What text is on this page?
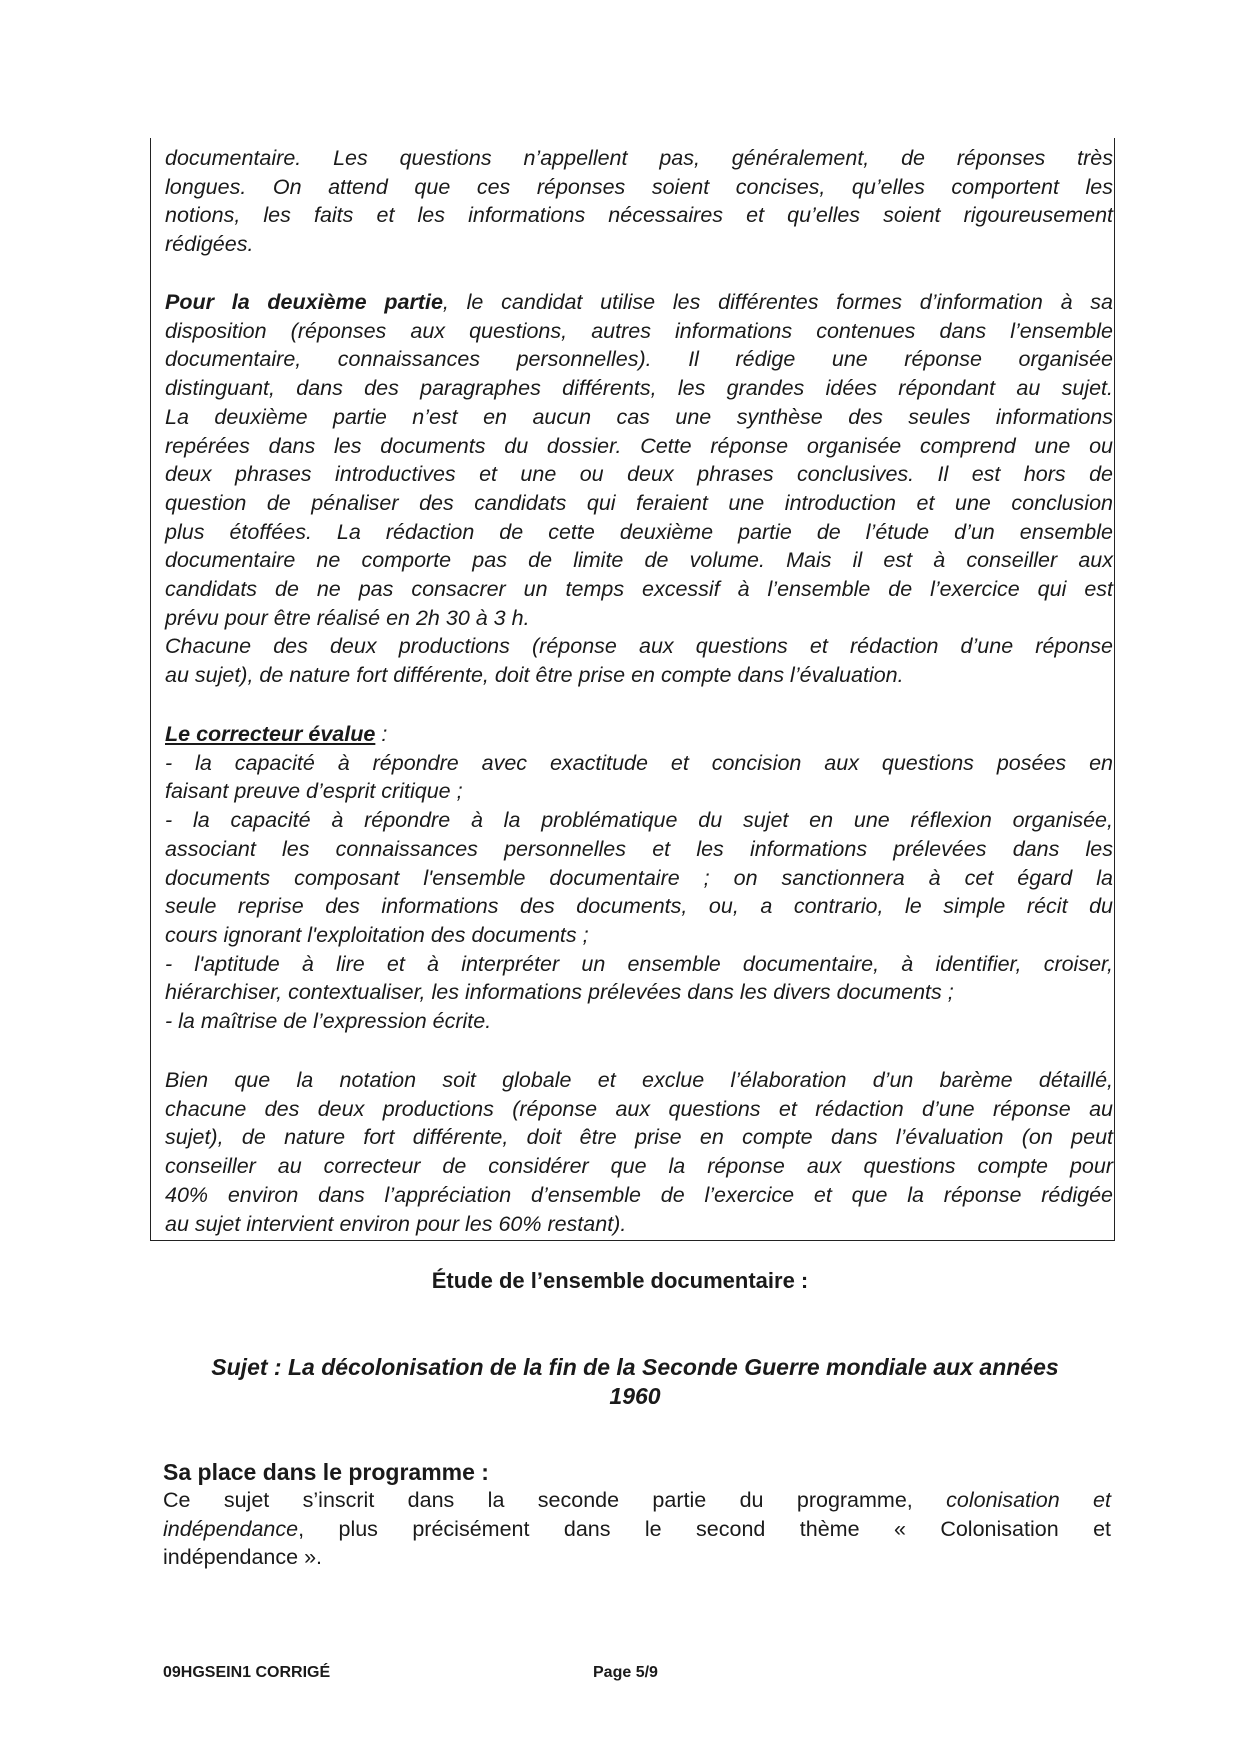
documentaire. Les questions n’appellent pas, généralement, de réponses très
longues. On attend que ces réponses soient concises, qu’elles comportent les
notions, les faits et les informations nécessaires et qu’elles soient rigoureusement
rédigées.
Pour la deuxième partie, le candidat utilise les différentes formes d’information à sa
disposition (réponses aux questions, autres informations contenues dans l’ensemble
documentaire, connaissances personnelles). Il rédige une réponse organisée
distinguant, dans des paragraphes différents, les grandes idées répondant au sujet.
La deuxième partie n’est en aucun cas une synthèse des seules informations
repérées dans les documents du dossier. Cette réponse organisée comprend une ou
deux phrases introductives et une ou deux phrases conclusives. Il est hors de
question de pénaliser des candidats qui feraient une introduction et une conclusion
plus étoffées. La rédaction de cette deuxième partie de l’étude d’un ensemble
documentaire ne comporte pas de limite de volume. Mais il est à conseiller aux
candidats de ne pas consacrer un temps excessif à l’ensemble de l’exercice qui est
prévu pour être réalisé en 2h 30 à 3 h.
Chacune des deux productions (réponse aux questions et rédaction d’une réponse
au sujet), de nature fort différente, doit être prise en compte dans l’évaluation.
Le correcteur évalue :
- la capacité à répondre avec exactitude et concision aux questions posées en
faisant preuve d’esprit critique ;
- la capacité à répondre à la problématique du sujet en une réflexion organisée,
associant les connaissances personnelles et les informations prélevées dans les
documents composant l'ensemble documentaire ; on sanctionnera à cet égard la
seule reprise des informations des documents, ou, a contrario, le simple récit du
cours ignorant l'exploitation des documents ;
- l'aptitude à lire et à interpréter un ensemble documentaire, à identifier, croiser,
hiérarchiser, contextualiser, les informations prélevées dans les divers documents ;
- la maîtrise de l’expression écrite.
Bien que la notation soit globale et exclue l’élaboration d’un barème détaillé,
chacune des deux productions (réponse aux questions et rédaction d’une réponse au
sujet), de nature fort différente, doit être prise en compte dans l’évaluation (on peut
conseiller au correcteur de considérer que la réponse aux questions compte pour
40% environ dans l’appréciation d’ensemble de l’exercice et que la réponse rédigée
au sujet intervient environ pour les 60% restant).
Étude de l’ensemble documentaire :
Sujet : La décolonisation de la fin de la Seconde Guerre mondiale aux années
1960
Sa place dans le programme :
Ce sujet s’inscrit dans la seconde partie du programme, colonisation et
indépendance, plus précisément dans le second thème « Colonisation et
indépendance ».
09HGSEIN1 CORRIGÉ	Page 5/9
